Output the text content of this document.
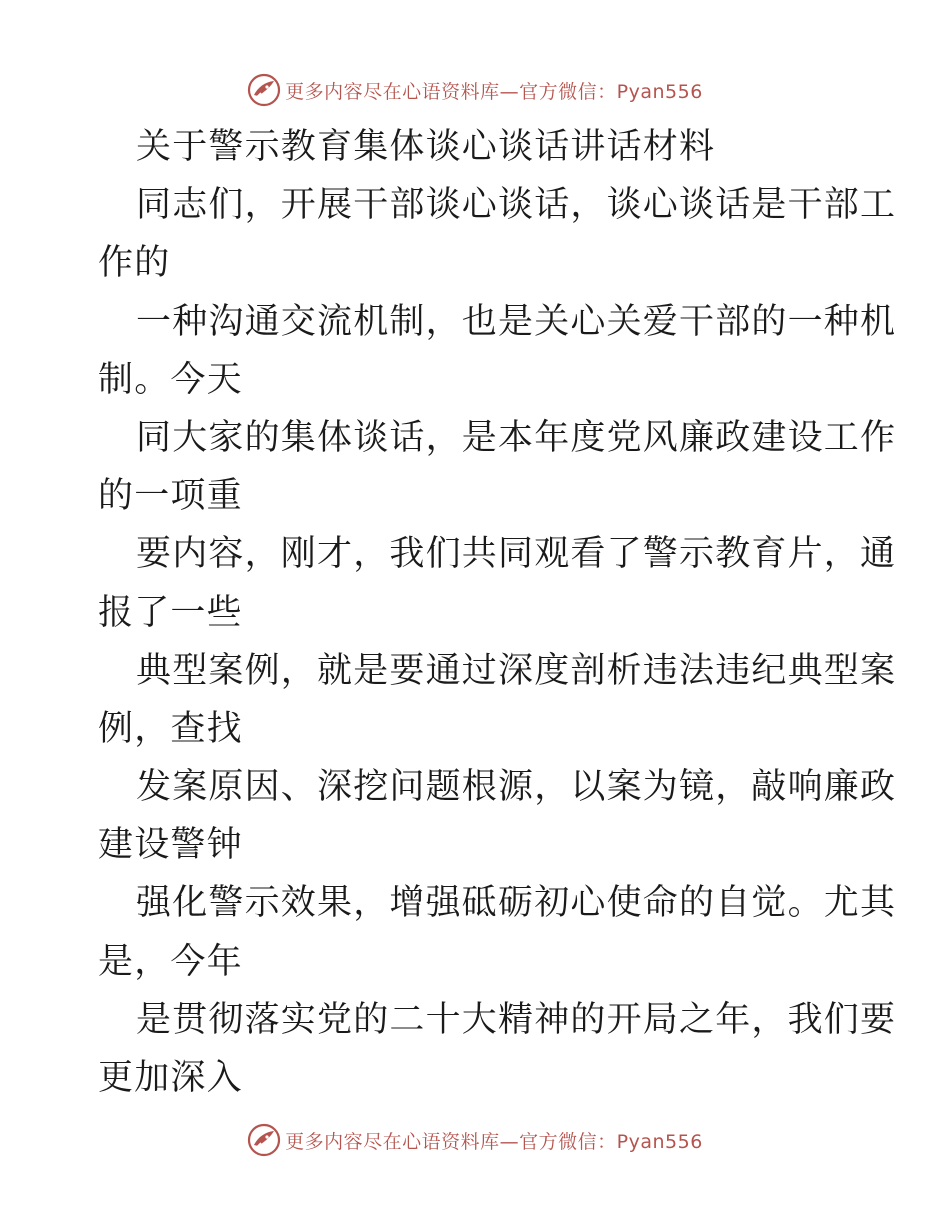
更多内容尽在心语资料库—官方微信：Pyan556
关于警示教育集体谈心谈话讲话材料
同志们，开展干部谈心谈话，谈心谈话是干部工
作的
一种沟通交流机制，也是关心关爱干部的一种机
制。今天
同大家的集体谈话，是本年度党风廉政建设工作
的一项重
要内容，刚才，我们共同观看了警示教育片，通
报了一些
典型案例，就是要通过深度剖析违法违纪典型案
例，查找
发案原因、深挖问题根源，以案为镜，敲响廉政
建设警钟
强化警示效果，增强砥砺初心使命的自觉。尤其
是，今年
是贯彻落实党的二十大精神的开局之年，我们要
更加深入
更多内容尽在心语资料库—官方微信：Pyan556
